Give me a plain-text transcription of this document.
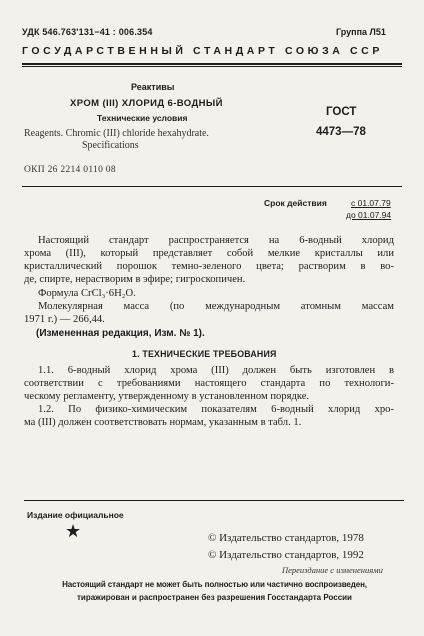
УДК 546.763'131−41 : 006.354	Группа Л51
ГОСУДАРСТВЕННЫЙ СТАНДАРТ СОЮЗА ССР
Реактивы
ХРОМ (III) ХЛОРИД 6-ВОДНЫЙ
Технические условия
Reagents. Chromic (III) chloride hexahydrate.
Specifications
ГОСТ
4473—78
ОКП 26 2214 0110 08
Срок действия	с 01.07.79
до 01.07.94
Настоящий стандарт распространяется на 6-водный хлорид
хрома (III), который представляет собой мелкие кристаллы или
кристаллический порошок темно-зеленого цвета; растворим в во-
де, спирте, нерастворим в эфире; гигроскопичен.
Формула CrCl₃·6H₂O.
Молекулярная масса (по международным атомным массам
1971 г.) — 266,44.
(Измененная редакция, Изм. № 1).
1. ТЕХНИЧЕСКИЕ ТРЕБОВАНИЯ
1.1. 6-водный хлорид хрома (III) должен быть изготовлен в
соответствии с требованиями настоящего стандарта по технологи-
ческому регламенту, утвержденному в установленном порядке.
1.2. По физико-химическим показателям 6-водный хлорид хро-
ма (III) должен соответствовать нормам, указанным в табл. 1.
Издание официальное
★	© Издательство стандартов, 1978
© Издательство стандартов, 1992
Переиздание с изменениями
Настоящий стандарт не может быть полностью или частично воспроизведен,
тиражирован и распространен без разрешения Госстандарта России
